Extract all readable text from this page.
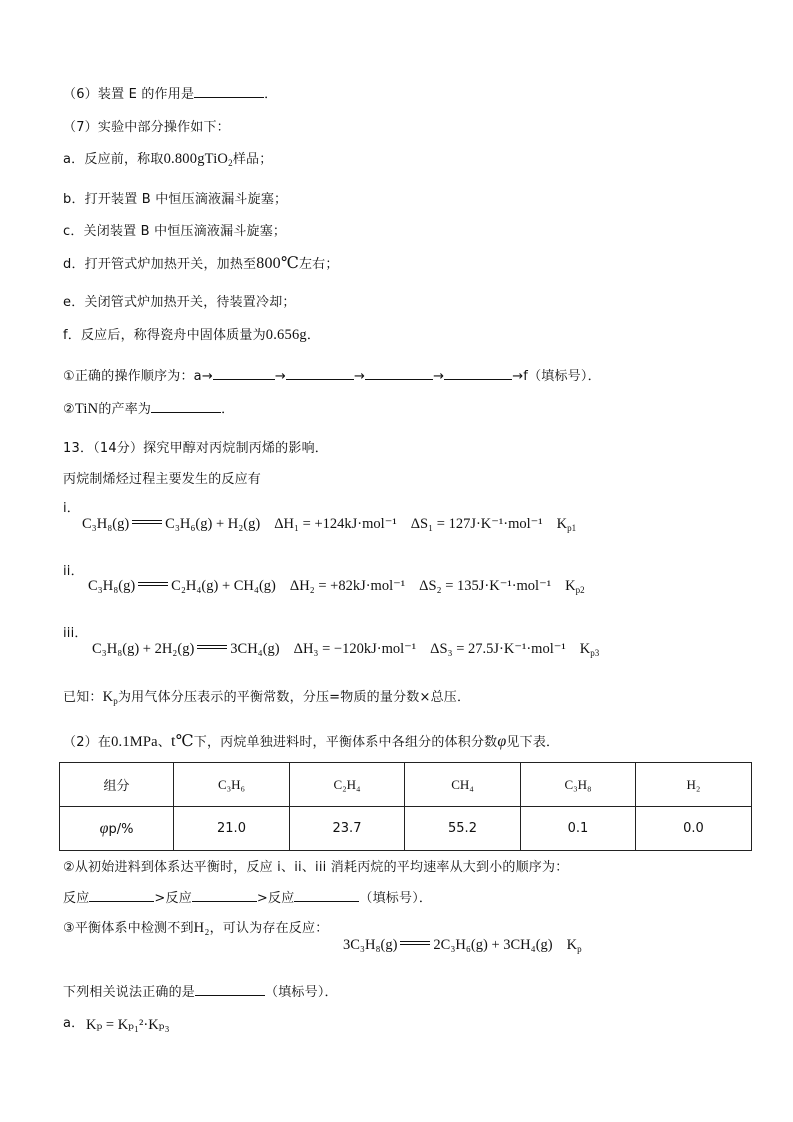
（6）装置 E 的作用是	．
（7）实验中部分操作如下：
a．反应前，称取0.800gTiO$_2$样品；
b．打开装置 B 中恒压滴液漏斗旋塞；
c．关闭装置 B 中恒压滴液漏斗旋塞；
d．打开管式炉加热开关，加热至800℃左右；
e．关闭管式炉加热开关，待装置冷却；
f．反应后，称得瓷舟中固体质量为0.656g．
①正确的操作顺序为：a→	→	→	→	→f（填标号）．
②TiN的产率为	．
13．（14分）探究甲醇对丙烷制丙烯的影响．
丙烷制烯烃过程主要发生的反应有
i．
C₃H₈(g) C₃H₆(g) + H₂(g) ΔH₁ = +124kJ·mol⁻¹ ΔS₁ = 127J·K⁻¹·mol⁻¹ $K_{p1}$
ii．
C₃H₈(g) C₂H₄(g) + CH₄(g) ΔH₂ = +82kJ·mol⁻¹ ΔS₂ = 135J·K⁻¹·mol⁻¹ $K_{p2}$
iii．
C₃H₈(g) + 2H₂(g) 3CH₄(g) ΔH₃ = −120kJ·mol⁻¹ ΔS₃ = 27.5J·K⁻¹·mol⁻¹ $K_{p3}$
已知：$K_p$为用气体分压表示的平衡常数，分压=物质的量分数×总压．
（2）在0.1MPa、t℃下，丙烷单独进料时，平衡体系中各组分的体积分数φ见下表．
组分	C₃H₆	C₂H₄	CH₄	C₃H₈	H₂
φp/%	21.0	23.7	55.2	0.1	0.0
②从初始进料到体系达平衡时，反应 i、ii、iii 消耗丙烷的平均速率从大到小的顺序为：
反应	>反应	>反应	（填标号）．
③平衡体系中检测不到H₂，可认为存在反应：
3C₃H₈(g) 2C₃H₆(g) + 3CH₄(g) $K_p$
下列相关说法正确的是	（填标号）．
a． Kₚ = Kₚ₁²·Kₚ₃
